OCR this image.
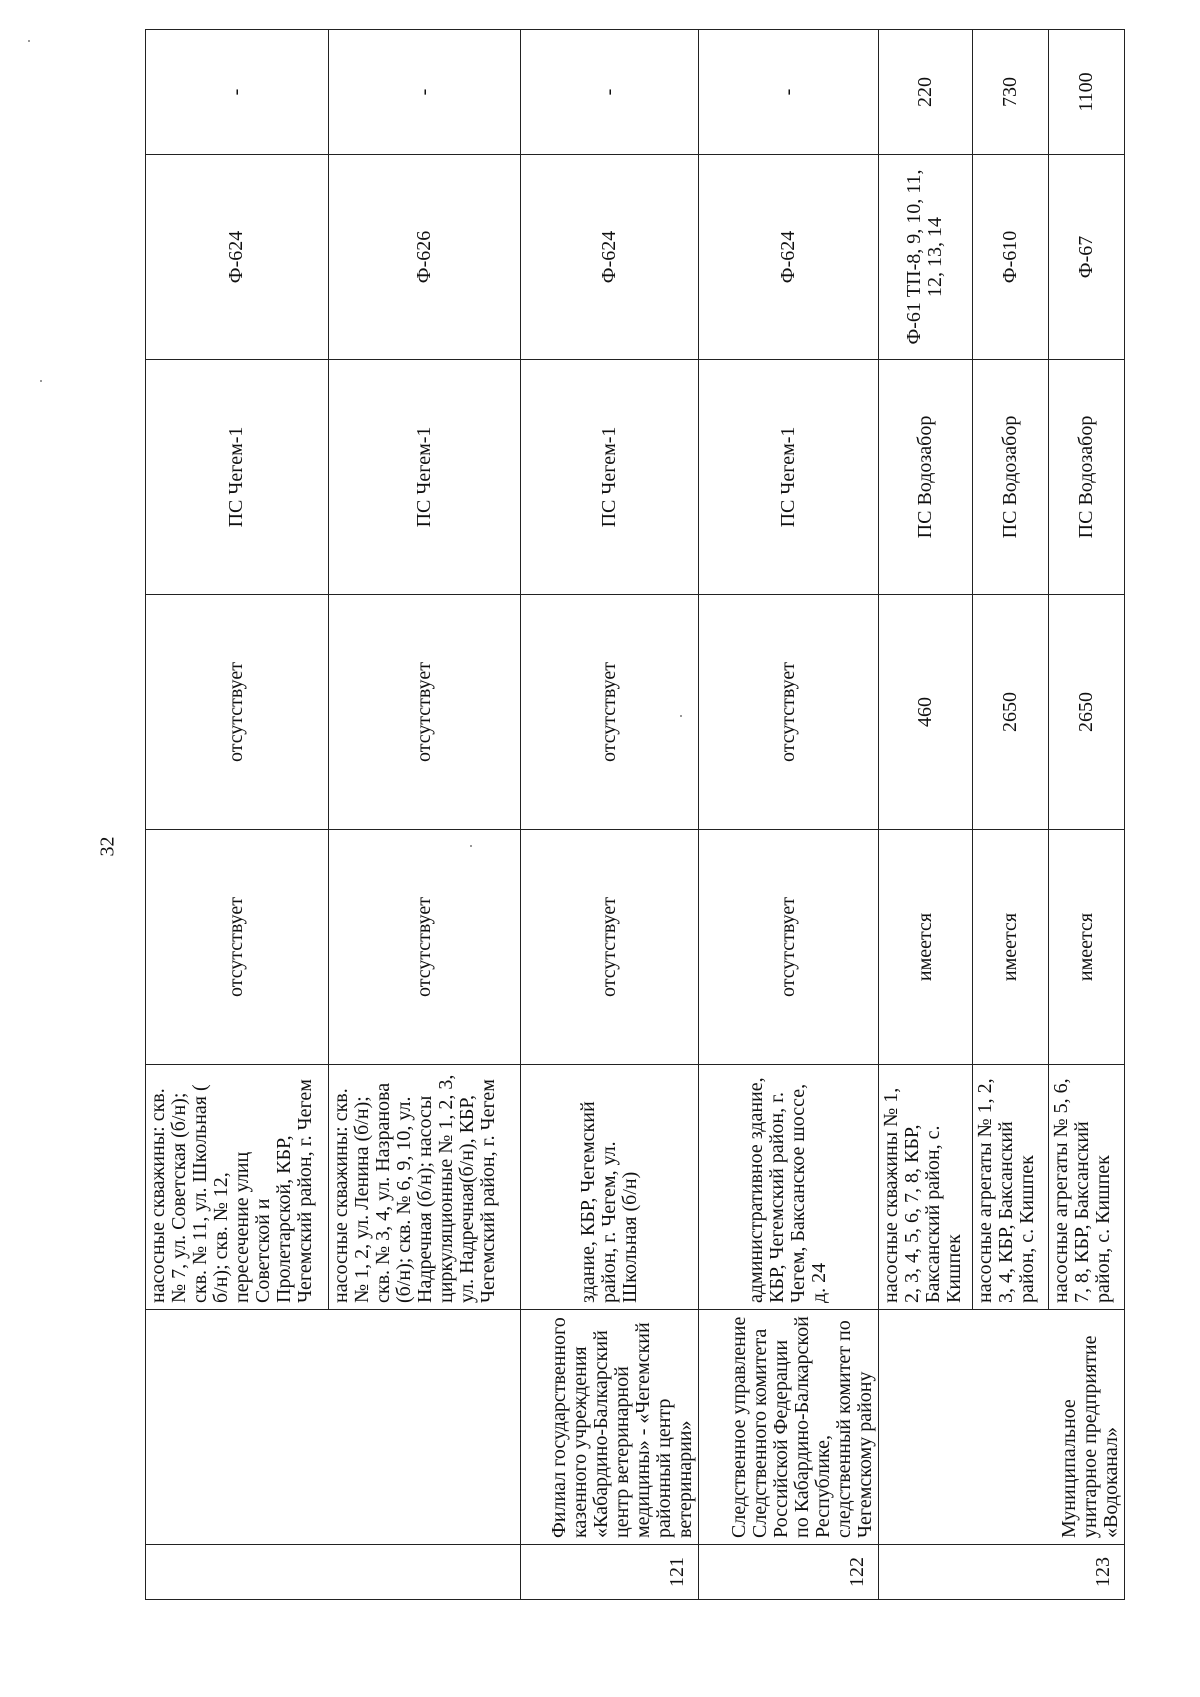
32
		насосные скважины: скв. № 7, ул. Советская (б/н); скв. № 11, ул. Школьная ( б/н); скв. № 12, пересечение улиц Советской и Пролетарской, КБР, Чегемский район, г. Чегем	отсутствует	отсутствует	ПС Чегем-1	Ф-624	-
		насосные скважины: скв. № 1, 2, ул. Ленина (б/н); скв. № 3, 4, ул. Назранова (б/н); скв. № 6, 9, 10, ул. Надречная (б/н); насосы циркуляционные № 1, 2, 3, ул. Надречная(б/н), КБР, Чегемский район, г. Чегем	отсутствует	отсутствует	ПС Чегем-1	Ф-626	-
121	Филиал государственного казенного учреждения «Кабардино-Балкарский центр ветеринарной медицины» - «Чегемский районный центр ветеринарии»	здание, КБР, Чегемский район, г. Чегем, ул. Школьная (б/н)	отсутствует	отсутствует	ПС Чегем-1	Ф-624	-
122	Следственное управление Следственного комитета Российской Федерации по Кабардино-Балкарской Республике, следственный комитет по Чегемскому району	административное здание, КБР, Чегемский район, г. Чегем, Баксанское шоссе, д. 24	отсутствует	отсутствует	ПС Чегем-1	Ф-624	-
123	Муниципальное унитарное предприятие «Водоканал»	насосные скважины № 1, 2, 3, 4, 5, 6, 7, 8, КБР, Баксанский район, с. Кишпек	имеется	460	ПС Водозабор	Ф-61 ТП-8, 9, 10, 11, 12, 13, 14	220
		насосные агрегаты № 1, 2, 3, 4, КБР, Баксанский район, с. Кишпек	имеется	2650	ПС Водозабор	Ф-610	730
		насосные агрегаты № 5, 6, 7, 8, КБР, Баксанский район, с. Кишпек	имеется	2650	ПС Водозабор	Ф-67	1100
